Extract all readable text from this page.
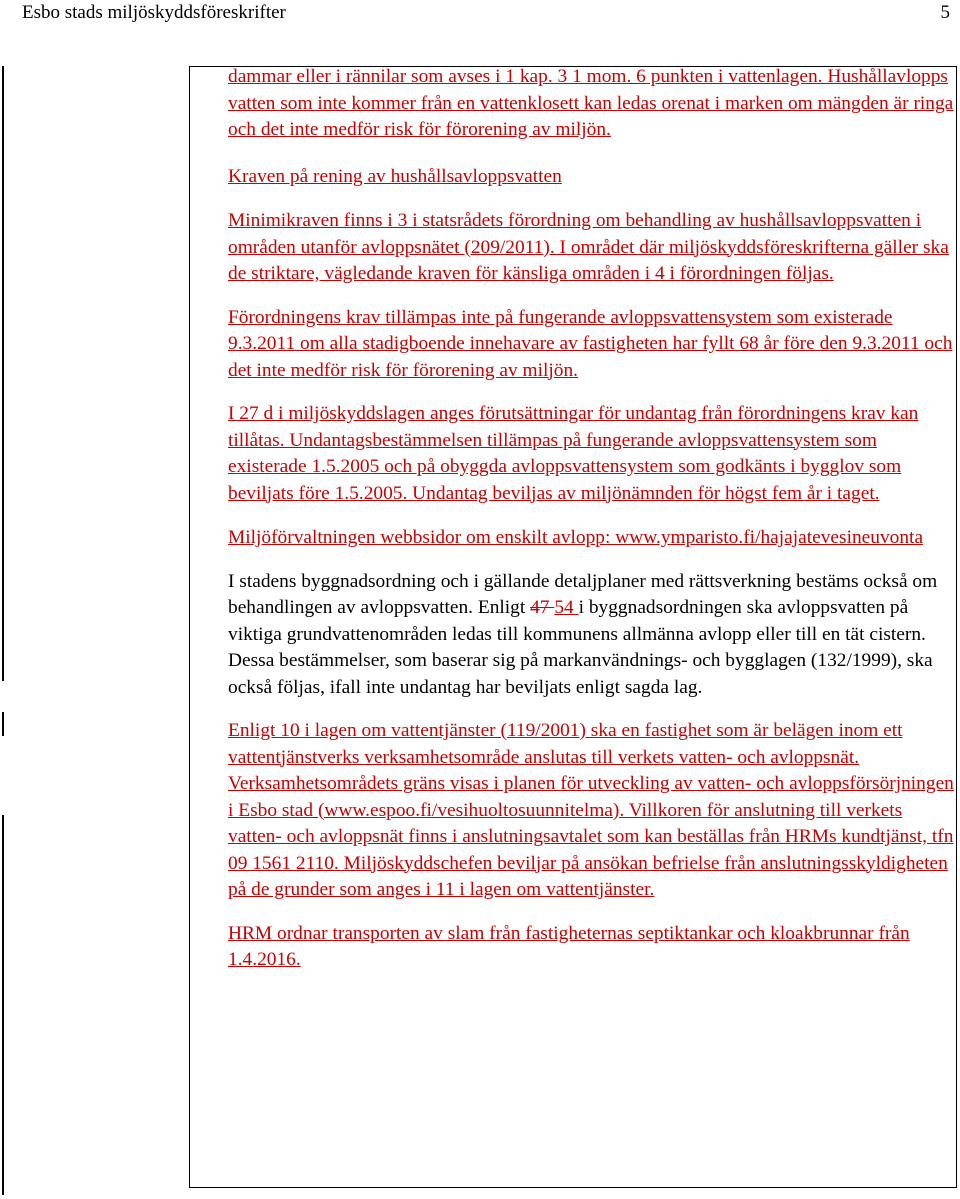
Esbo stads miljöskyddsföreskrifter	5

dammar eller i rännilar som avses i 1 kap. 3 1 mom. 6 punkten i vattenlagen. Hushållavlopps vatten som inte kommer från en vattenklosett kan ledas orenat i marken om mängden är ringa och det inte medför risk för förorening av miljön.

Kraven på rening av hushållsavloppsvatten

Minimikraven finns i 3 i statsrådets förordning om behandling av hushållsavloppsvatten i områden utanför avloppsnätet (209/2011). I området där miljöskyddsföreskrifterna gäller ska de striktare, vägledande kraven för känsliga områden i 4 i förordningen följas.

Förordningens krav tillämpas inte på fungerande avloppsvattensystem som existerade 9.3.2011 om alla stadigboende innehavare av fastigheten har fyllt 68 år före den 9.3.2011 och det inte medför risk för förorening av miljön.

I 27 d i miljöskyddslagen anges förutsättningar för undantag från förordningens krav kan tillåtas. Undantagsbestämmelsen tillämpas på fungerande avloppsvattensystem som existerade 1.5.2005 och på obyggda avloppsvattensystem som godkänts i bygglov som beviljats före 1.5.2005. Undantag beviljas av miljönämnden för högst fem år i taget.

Miljöförvaltningen webbsidor om enskilt avlopp: www.ymparisto.fi/hajajatevesineuvonta

I stadens byggnadsordning och i gällande detaljplaner med rättsverkning bestäms också om behandlingen av avloppsvatten. Enligt 47 54 i byggnadsordningen ska avloppsvatten på viktiga grundvattenområden ledas till kommunens allmänna avlopp eller till en tät cistern. Dessa bestämmelser, som baserar sig på markanvändnings- och bygglagen (132/1999), ska också följas, ifall inte undantag har beviljats enligt sagda lag.

Enligt 10 i lagen om vattentjänster (119/2001) ska en fastighet som är belägen inom ett vattentjänstverks verksamhetsområde anslutas till verkets vatten- och avloppsnät. Verksamhetsområdets gräns visas i planen för utveckling av vatten- och avloppsförsörjningen i Esbo stad (www.espoo.fi/vesihuoltosuunnitelma). Villkoren för anslutning till verkets vatten- och avloppsnät finns i anslutningsavtalet som kan beställas från HRMs kundtjänst, tfn 09 1561 2110. Miljöskyddschefen beviljar på ansökan befrielse från anslutningsskyldigheten på de grunder som anges i 11 i lagen om vattentjänster.

HRM ordnar transporten av slam från fastigheternas septiktankar och kloakbrunnar från 1.4.2016.
